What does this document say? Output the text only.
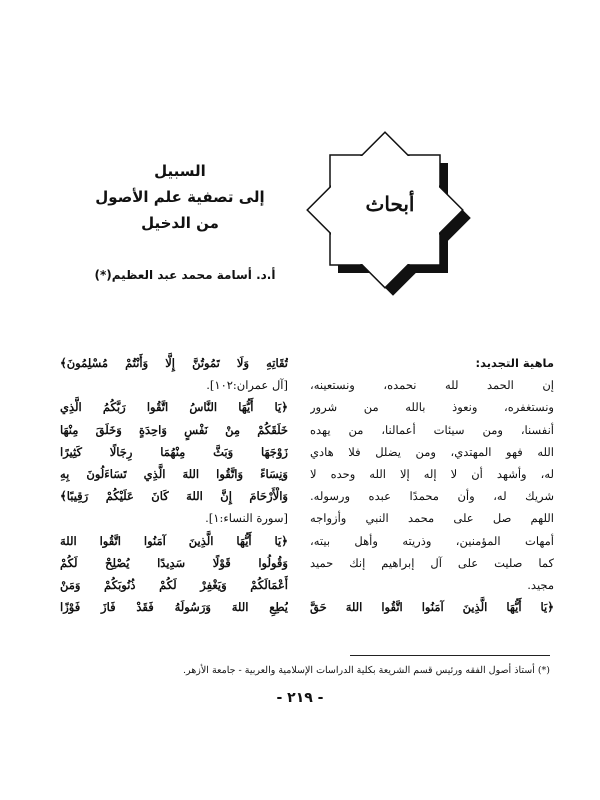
السبيل
إلى تصفية علم الأصول
من الدخيل
أ.د. أسامة محمد عبد العظيم(*)
أبحاث
ماهية التجديد:
إن الحمد لله نحمده، ونستعينه،
ونستغفره، ونعوذ بالله من شرور
أنفسنا، ومن سيئات أعمالنا، من يهده
الله فهو المهتدي، ومن يضلل فلا هادي
له، وأشهد أن لا إله إلا الله وحده لا
شريك له، وأن محمدًا عبده ورسوله.
اللهم صل على محمد النبي وأزواجه
أمهات المؤمنين، وذريته وأهل بيته،
كما صليت على آل إبراهيم إنك حميد
مجيد.
﴿يَا أَيُّهَا الَّذِينَ آمَنُوا اتَّقُوا اللهَ حَقَّ
تُقَاتِهِ وَلَا تَمُوتُنَّ إِلَّا وَأَنْتُمْ مُسْلِمُونَ﴾
[آل عمران:١٠٢].
﴿يَا أَيُّهَا النَّاسُ اتَّقُوا رَبَّكُمُ الَّذِي
خَلَقَكُمْ مِنْ نَفْسٍ وَاحِدَةٍ وَخَلَقَ مِنْهَا
زَوْجَهَا وَبَثَّ مِنْهُمَا رِجَالًا كَثِيرًا
وَنِسَاءً وَاتَّقُوا اللهَ الَّذِي تَسَاءَلُونَ بِهِ
وَالْأَرْحَامَ إِنَّ اللهَ كَانَ عَلَيْكُمْ رَقِيبًا﴾
[سورة النساء:١].
﴿يَا أَيُّهَا الَّذِينَ آمَنُوا اتَّقُوا اللهَ
وَقُولُوا قَوْلًا سَدِيدًا يُصْلِحْ لَكُمْ
أَعْمَالَكُمْ وَيَغْفِرْ لَكُمْ ذُنُوبَكُمْ وَمَنْ
يُطِعِ اللهَ وَرَسُولَهُ فَقَدْ فَازَ فَوْزًا
(*) أستاذ أصول الفقه ورئيس قسم الشريعة بكلية الدراسات الإسلامية والعربية - جامعة الأزهر.
- ٢١٩ -
